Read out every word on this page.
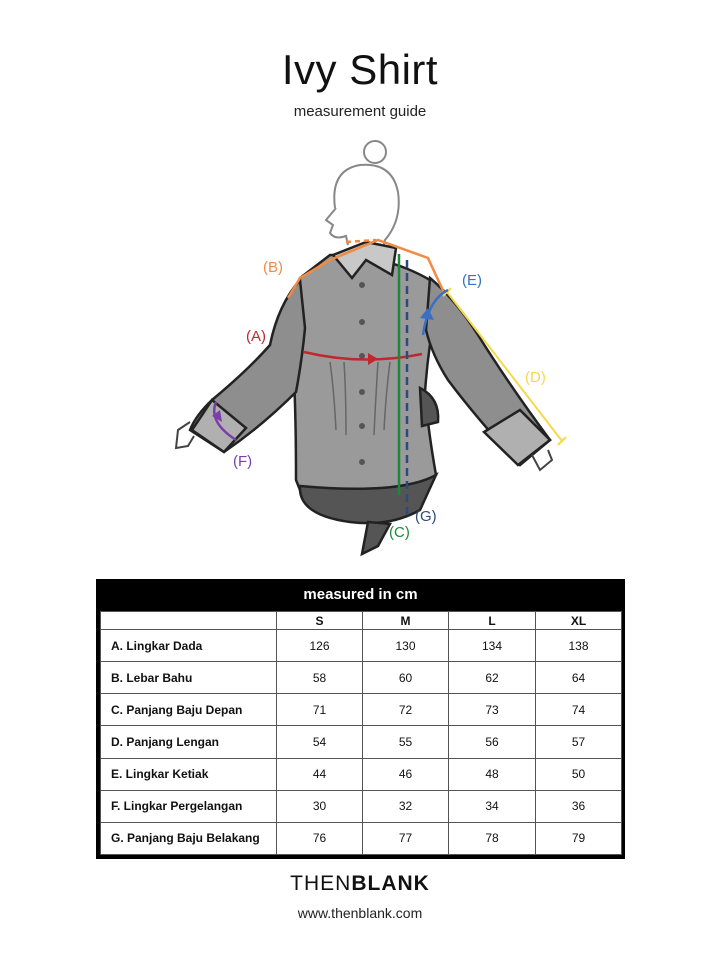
Ivy Shirt
measurement guide
(A)
(B)
(C)
(D)
(E)
(F)
(G)
measured in cm
	S	M	L	XL
A. Lingkar Dada	126	130	134	138
B. Lebar Bahu	58	60	62	64
C. Panjang Baju Depan	71	72	73	74
D. Panjang Lengan	54	55	56	57
E. Lingkar Ketiak	44	46	48	50
F. Lingkar Pergelangan	30	32	34	36
G. Panjang Baju Belakang	76	77	78	79
THENBLANK
www.thenblank.com
